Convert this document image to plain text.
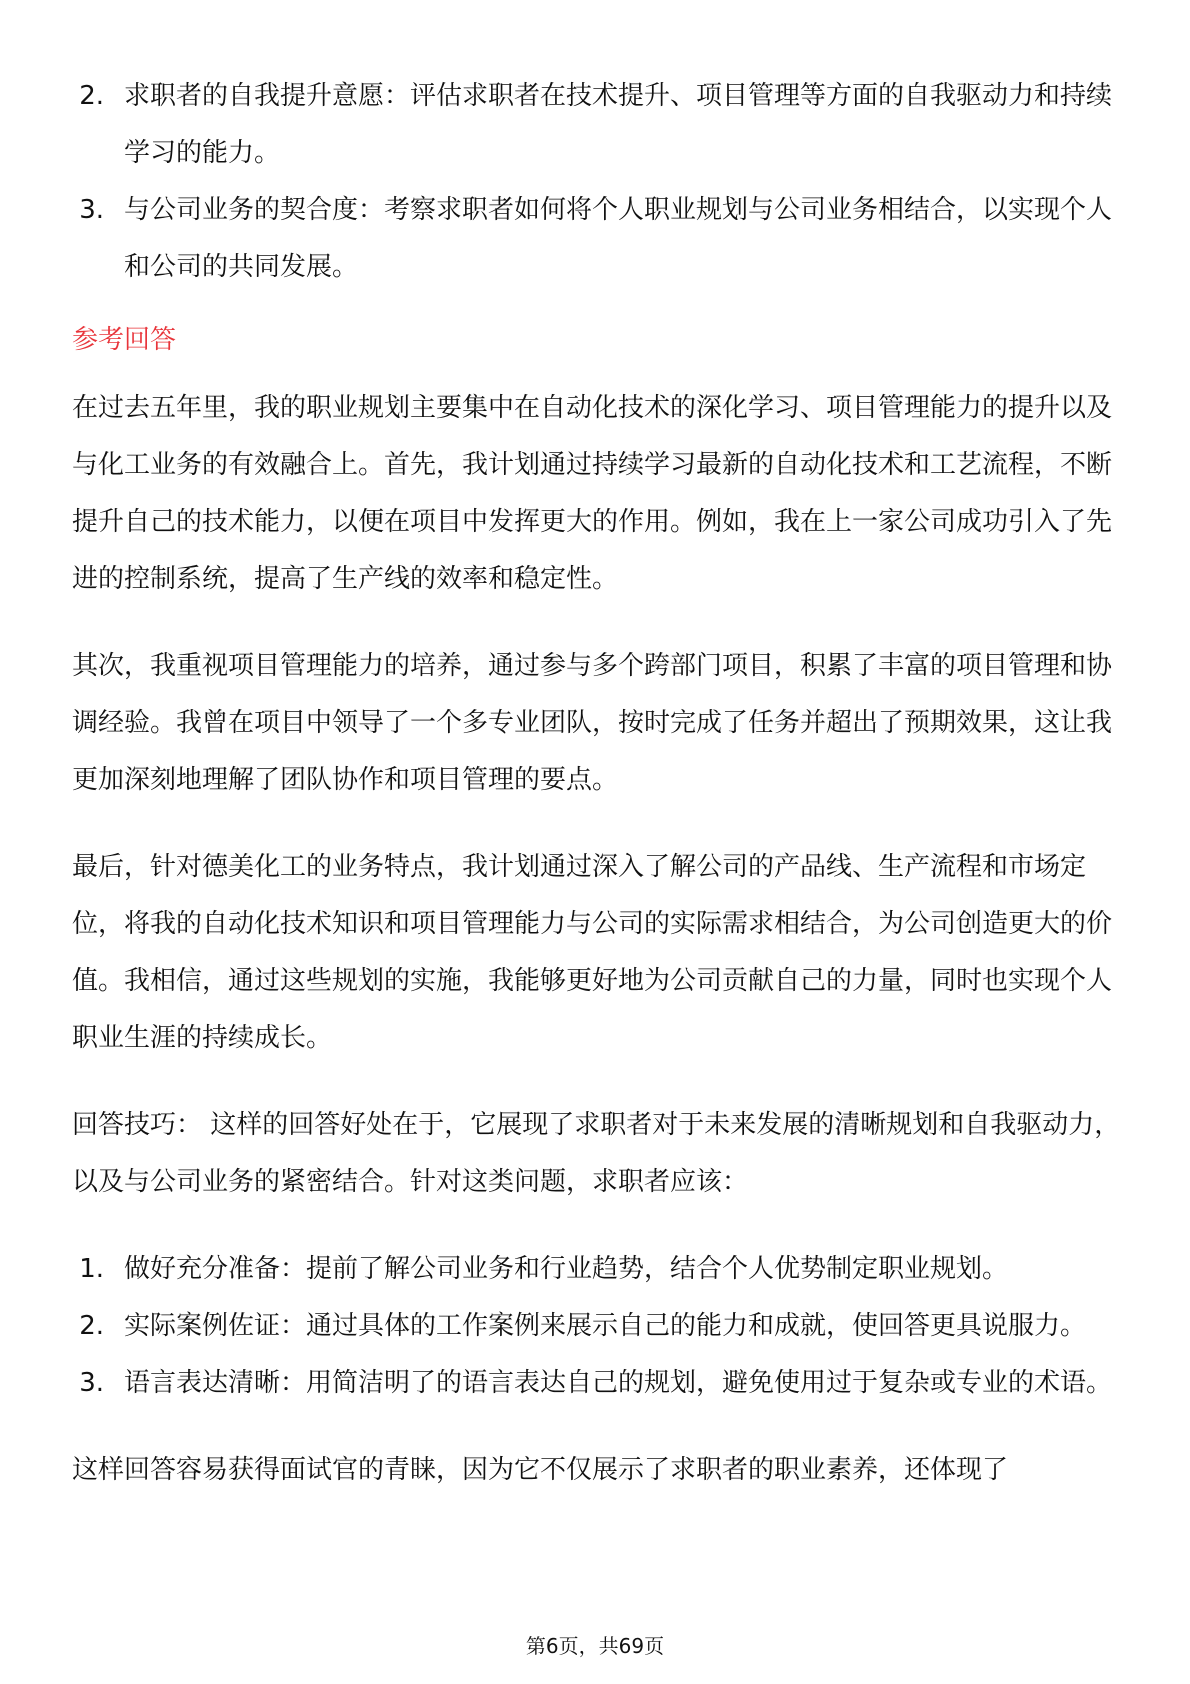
2. 求职者的自我提升意愿：评估求职者在技术提升、项目管理等方面的自我驱动力和持续学习的能力。
3. 与公司业务的契合度：考察求职者如何将个人职业规划与公司业务相结合，以实现个人和公司的共同发展。
参考回答

在过去五年里，我的职业规划主要集中在自动化技术的深化学习、项目管理能力的提升以及与化工业务的有效融合上。首先，我计划通过持续学习最新的自动化技术和工艺流程，不断提升自己的技术能力，以便在项目中发挥更大的作用。例如，我在上一家公司成功引入了先进的控制系统，提高了生产线的效率和稳定性。

其次，我重视项目管理能力的培养，通过参与多个跨部门项目，积累了丰富的项目管理和协调经验。我曾在项目中领导了一个多专业团队，按时完成了任务并超出了预期效果，这让我更加深刻地理解了团队协作和项目管理的要点。

最后，针对德美化工的业务特点，我计划通过深入了解公司的产品线、生产流程和市场定位，将我的自动化技术知识和项目管理能力与公司的实际需求相结合，为公司创造更大的价值。我相信，通过这些规划的实施，我能够更好地为公司贡献自己的力量，同时也实现个人职业生涯的持续成长。

回答技巧： 这样的回答好处在于，它展现了求职者对于未来发展的清晰规划和自我驱动力，以及与公司业务的紧密结合。针对这类问题，求职者应该：

1. 做好充分准备：提前了解公司业务和行业趋势，结合个人优势制定职业规划。
2. 实际案例佐证：通过具体的工作案例来展示自己的能力和成就，使回答更具说服力。
3. 语言表达清晰：用简洁明了的语言表达自己的规划，避免使用过于复杂或专业的术语。

这样回答容易获得面试官的青睐，因为它不仅展示了求职者的职业素养，还体现了

第6页，共69页
